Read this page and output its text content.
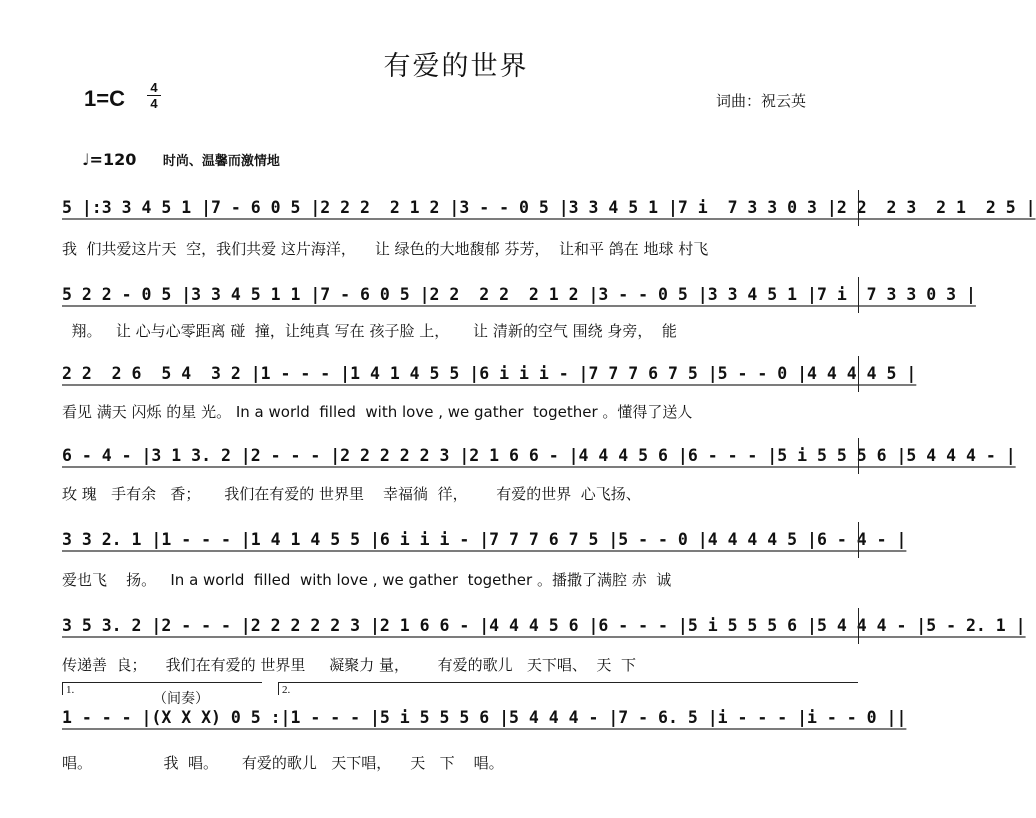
有爱的世界
1=C	4
4	词曲：祝云英
♩=120 时尚、温馨而激情地
5 |:3 3 4 5 1 |7 - 6 0 5 |2 2 2  2 1 2 |3 - - 0 5 |3 3 4 5 1 |7 i  7 3 3 0 3 |2 2  2 3  2 1  2 5 |
我  们共爱这片天  空，我们共爱 这片海洋，    让 绿色的大地馥郁 芬芳，  让和平 鸽在 地球 村飞
5 2 2 - 0 5 |3 3 4 5 1 1 |7 - 6 0 5 |2 2  2 2  2 1 2 |3 - - 0 5 |3 3 4 5 1 |7 i  7 3 3 0 3 |
翔。   让 心与心零距离 碰  撞，让纯真 写在 孩子脸 上，     让 清新的空气 围绕 身旁，  能
2 2  2 6  5 4  3 2 |1 - - - |1 4 1 4 5 5 |6 i i i - |7 7 7 6 7 5 |5 - - 0 |4 4 4 4 5 |
看见 满天 闪烁 的星 光。 In a world  filled  with love , we gather  together 。懂得了送人
6 - 4 - |3 1 3. 2 |2 - - - |2 2 2 2 2 3 |2 1 6 6 - |4 4 4 5 6 |6 - - - |5 i 5 5 5 6 |5 4 4 4 - |
玫 瑰   手有余   香；     我们在有爱的 世界里    幸福徜  徉，      有爱的世界  心飞扬、
3 3 2. 1 |1 - - - |1 4 1 4 5 5 |6 i i i - |7 7 7 6 7 5 |5 - - 0 |4 4 4 4 5 |6 - 4 - |
爱也飞    扬。   In a world  filled  with love , we gather  together 。播撒了满腔 赤  诚
3 5 3. 2 |2 - - - |2 2 2 2 2 3 |2 1 6 6 - |4 4 4 5 6 |6 - - - |5 i 5 5 5 6 |5 4 4 4 - |5 - 2. 1 |
传递善  良；    我们在有爱的 世界里     凝聚力 量，      有爱的歌儿   天下唱、  天  下
1.	2.
（间奏）
1 - - - |(X X X) 0 5 :|1 - - - |5 i 5 5 5 6 |5 4 4 4 - |7 - 6. 5 |i - - - |i - - 0 ||
唱。               我  唱。     有爱的歌儿   天下唱，    天   下    唱。
